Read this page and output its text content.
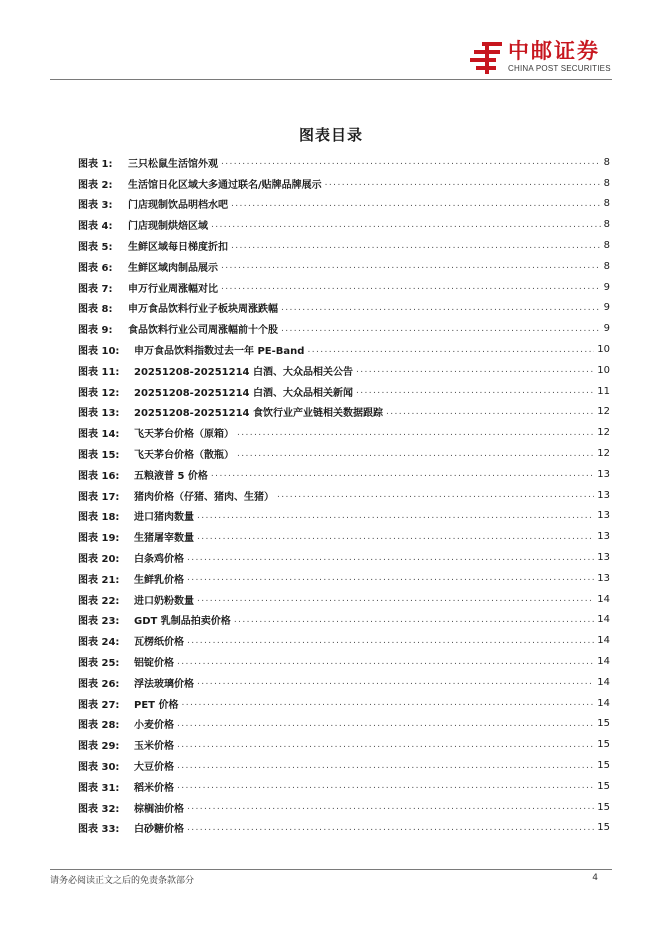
中邮证券
CHINA POST SECURITIES
图表目录
图表 1:	三只松鼠生活馆外观 .....	8
图表 2:	生活馆日化区域大多通过联名/贴牌品牌展示 .....	8
图表 3:	门店现制饮品明档水吧 .....	8
图表 4:	门店现制烘焙区域 .....	8
图表 5:	生鲜区域每日梯度折扣 .....	8
图表 6:	生鲜区域肉制品展示 .....	8
图表 7:	申万行业周涨幅对比 .....	9
图表 8:	申万食品饮料行业子板块周涨跌幅 .....	9
图表 9:	食品饮料行业公司周涨幅前十个股 .....	9
图表 10:	申万食品饮料指数过去一年 PE-Band .....	10
图表 11:	20251208-20251214 白酒、大众品相关公告 .....	10
图表 12:	20251208-20251214 白酒、大众品相关新闻 .....	11
图表 13:	20251208-20251214 食饮行业产业链相关数据跟踪 .....	12
图表 14:	飞天茅台价格（原箱） .....	12
图表 15:	飞天茅台价格（散瓶） .....	12
图表 16:	五粮液普 5 价格 .....	13
图表 17:	猪肉价格（仔猪、猪肉、生猪） .....	13
图表 18:	进口猪肉数量 .....	13
图表 19:	生猪屠宰数量 .....	13
图表 20:	白条鸡价格 .....	13
图表 21:	生鲜乳价格 .....	13
图表 22:	进口奶粉数量 .....	14
图表 23:	GDT 乳制品拍卖价格 .....	14
图表 24:	瓦楞纸价格 .....	14
图表 25:	铝锭价格 .....	14
图表 26:	浮法玻璃价格 .....	14
图表 27:	PET 价格 .....	14
图表 28:	小麦价格 .....	15
图表 29:	玉米价格 .....	15
图表 30:	大豆价格 .....	15
图表 31:	稻米价格 .....	15
图表 32:	棕榈油价格 .....	15
图表 33:	白砂糖价格 .....	15
请务必阅读正文之后的免责条款部分	4
